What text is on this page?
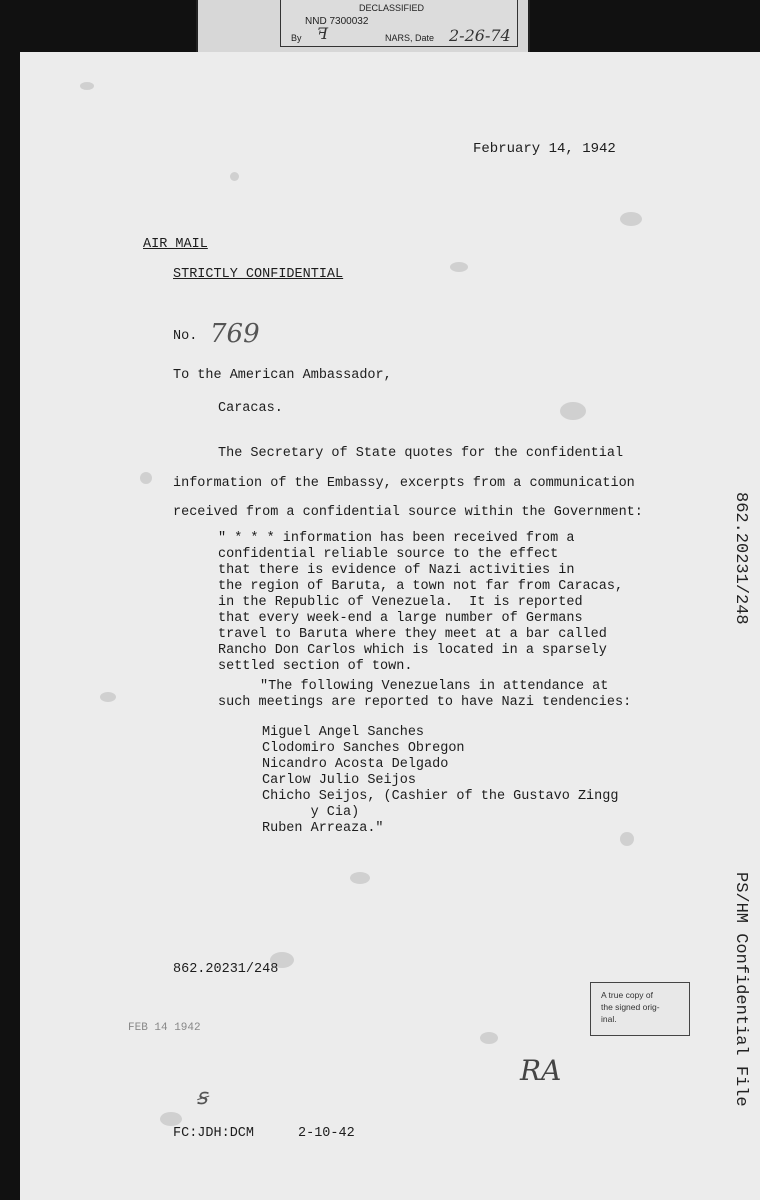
DECLASSIFIED
NND 7300032
By ꟻ	NARS, Date 2-26-74
February 14, 1942
AIR MAIL
STRICTLY CONFIDENTIAL
No. 769
To the American Ambassador,
Caracas.
The Secretary of State quotes for the confidential
information of the Embassy, excerpts from a communication
received from a confidential source within the Government:
" * * * information has been received from a
confidential reliable source to the effect
that there is evidence of Nazi activities in
the region of Baruta, a town not far from Caracas,
in the Republic of Venezuela.  It is reported
that every week-end a large number of Germans
travel to Baruta where they meet at a bar called
Rancho Don Carlos which is located in a sparsely
settled section of town.
"The following Venezuelans in attendance at
such meetings are reported to have Nazi tendencies:
Miguel Angel Sanches
Clodomiro Sanches Obregon
Nicandro Acosta Delgado
Carlow Julio Seijos
Chicho Seijos, (Cashier of the Gustavo Zingg
y Cia)
Ruben Arreaza."
862.20231/248
FEB 14 1942
ꞩ
FC:JDH:DCM	2-10-42
RA
A true copy of
the signed orig-
inal.
862.20231/248
PS/HM Confidential File
